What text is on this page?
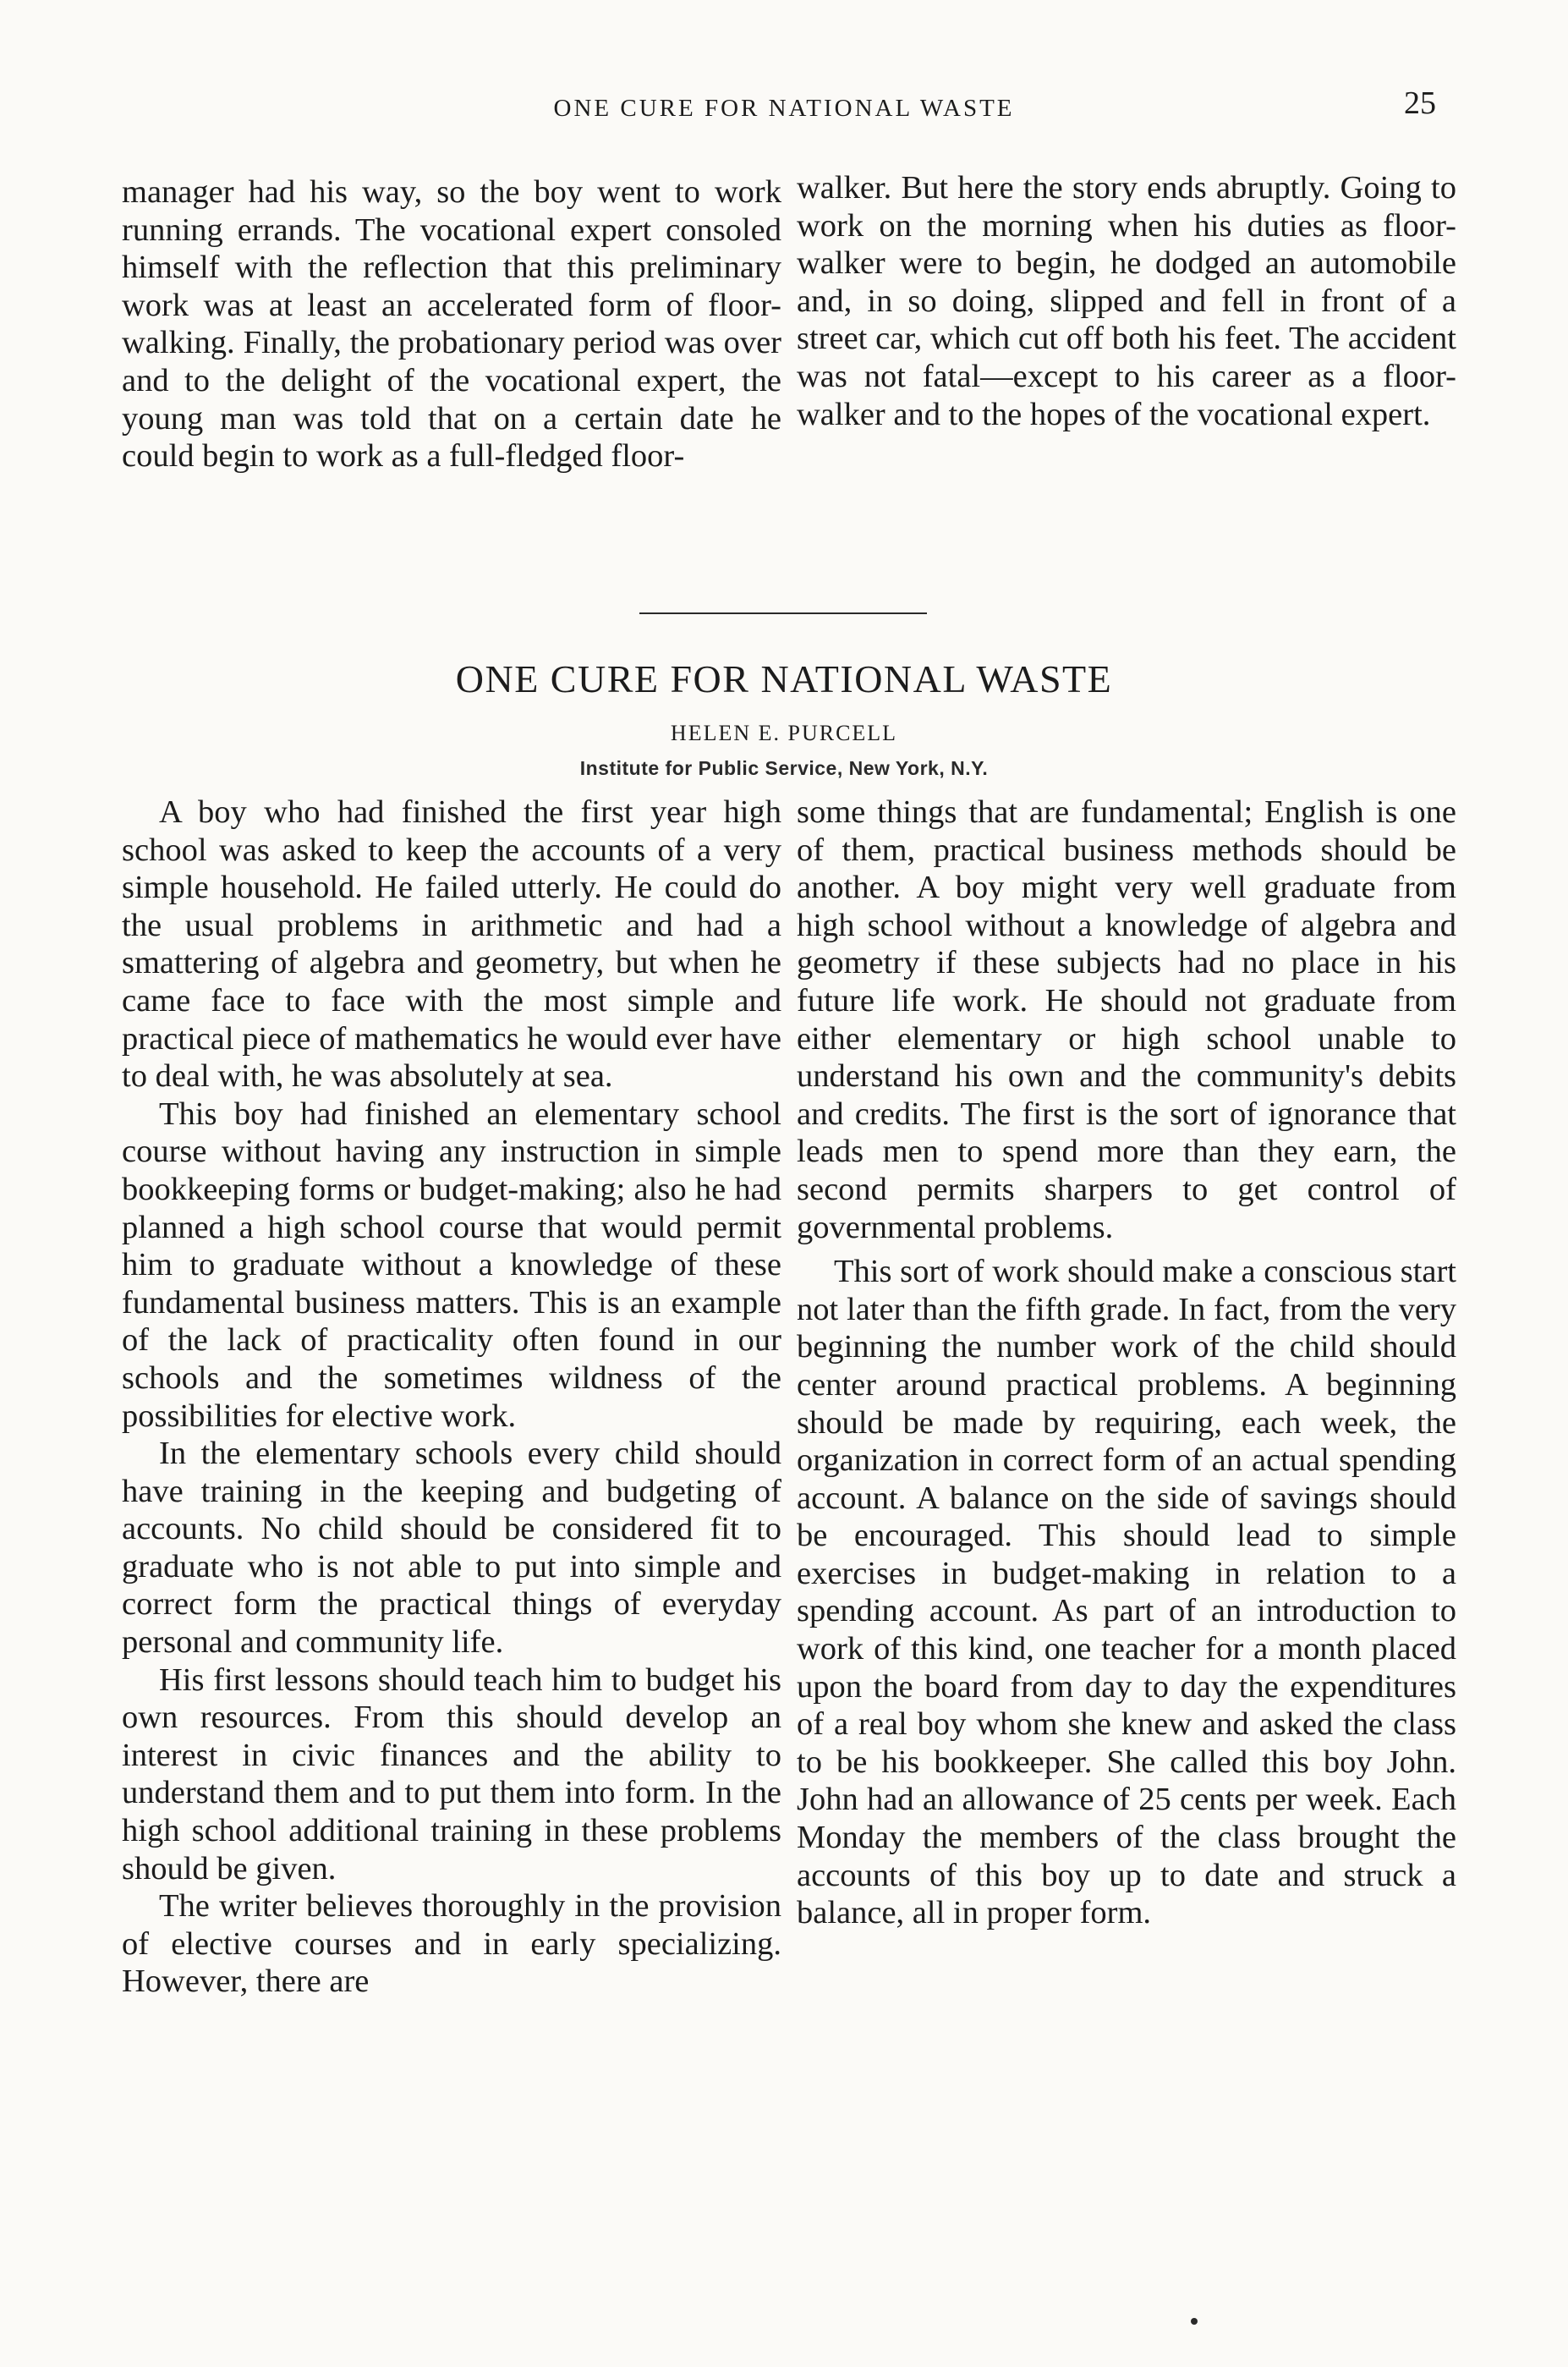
ONE CURE FOR NATIONAL WASTE	25

manager had his way, so the boy went to work running errands. The vocational expert consoled himself with the reflection that this preliminary work was at least an accelerated form of floor-walking. Finally, the probationary period was over and to the delight of the vocational expert, the young man was told that on a certain date he could begin to work as a full-fledged floor-

walker. But here the story ends abruptly. Going to work on the morning when his duties as floor-walker were to begin, he dodged an automobile and, in so doing, slipped and fell in front of a street car, which cut off both his feet. The accident was not fatal—except to his career as a floor-walker and to the hopes of the vocational expert.

ONE CURE FOR NATIONAL WASTE
HELEN E. PURCELL
Institute for Public Service, New York, N.Y.

A boy who had finished the first year high school was asked to keep the accounts of a very simple household. He failed utterly. He could do the usual problems in arithmetic and had a smattering of algebra and geometry, but when he came face to face with the most simple and practical piece of mathematics he would ever have to deal with, he was absolutely at sea.

This boy had finished an elementary school course without having any instruction in simple bookkeeping forms or budget-making; also he had planned a high school course that would permit him to graduate without a knowledge of these fundamental business matters. This is an example of the lack of practicality often found in our schools and the sometimes wildness of the possibilities for elective work.

In the elementary schools every child should have training in the keeping and budgeting of accounts. No child should be considered fit to graduate who is not able to put into simple and correct form the practical things of everyday personal and community life.

His first lessons should teach him to budget his own resources. From this should develop an interest in civic finances and the ability to understand them and to put them into form. In the high school additional training in these problems should be given.

The writer believes thoroughly in the provision of elective courses and in early specializing. However, there are

some things that are fundamental; English is one of them, practical business methods should be another. A boy might very well graduate from high school without a knowledge of algebra and geometry if these subjects had no place in his future life work. He should not graduate from either elementary or high school unable to understand his own and the community's debits and credits. The first is the sort of ignorance that leads men to spend more than they earn, the second permits sharpers to get control of governmental problems.

This sort of work should make a conscious start not later than the fifth grade. In fact, from the very beginning the number work of the child should center around practical problems. A beginning should be made by requiring, each week, the organization in correct form of an actual spending account. A balance on the side of savings should be encouraged. This should lead to simple exercises in budget-making in relation to a spending account. As part of an introduction to work of this kind, one teacher for a month placed upon the board from day to day the expenditures of a real boy whom she knew and asked the class to be his bookkeeper. She called this boy John. John had an allowance of 25 cents per week. Each Monday the members of the class brought the accounts of this boy up to date and struck a balance, all in proper form.
